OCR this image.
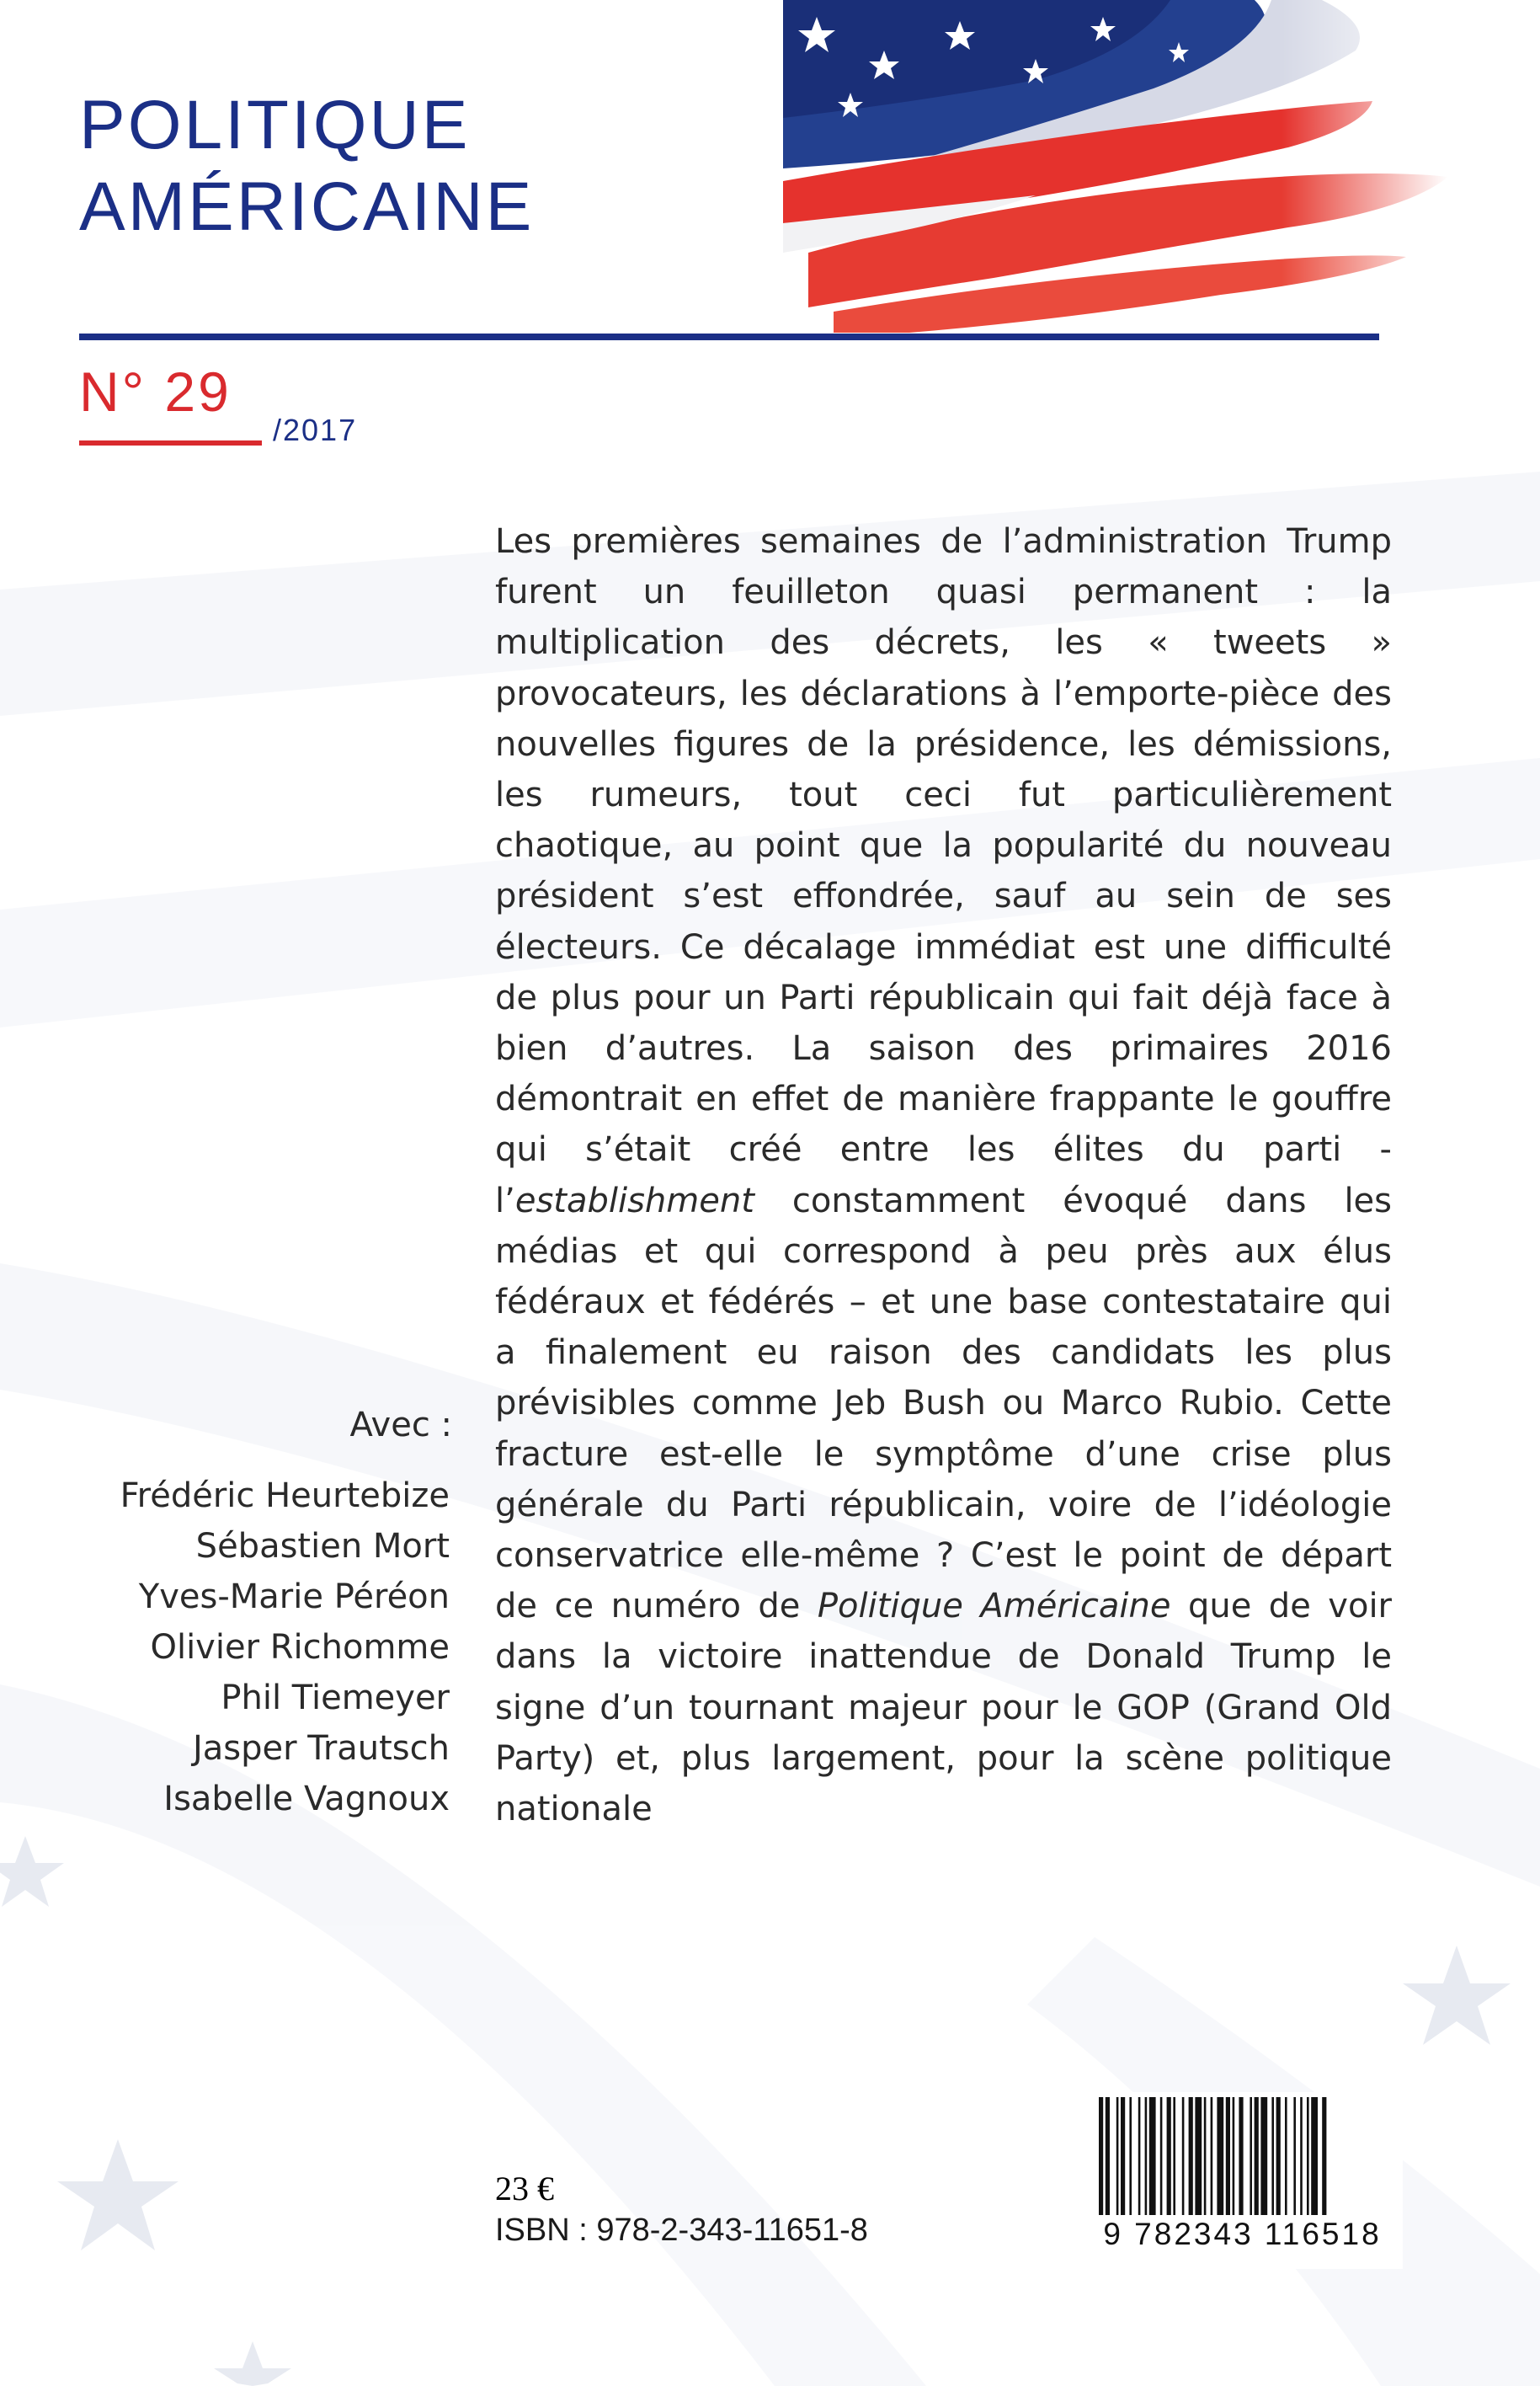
POLITIQUE
AMÉRICAINE
N° 29
/2017

Les premières semaines de l’administration Trump furent un feuilleton quasi permanent : la multiplication des décrets, les « tweets » provocateurs, les déclarations à l’emporte-pièce des nouvelles figures de la présidence, les démissions, les rumeurs, tout ceci fut particulièrement chaotique, au point que la popularité du nouveau président s’est effondrée, sauf au sein de ses électeurs. Ce décalage immédiat est une difficulté de plus pour un Parti républicain qui fait déjà face à bien d’autres. La saison des primaires 2016 démontrait en effet de manière frappante le gouffre qui s’était créé entre les élites du parti - l’establishment constamment évoqué dans les médias et qui correspond à peu près aux élus fédéraux et fédérés – et une base contestataire qui a finalement eu raison des candidats les plus prévisibles comme Jeb Bush ou Marco Rubio. Cette fracture est-elle le symptôme d’une crise plus générale du Parti républicain, voire de l’idéologie conservatrice elle-même ? C’est le point de départ de ce numéro de Politique Américaine que de voir dans la victoire inattendue de Donald Trump le signe d’un tournant majeur pour le GOP (Grand Old Party) et, plus largement, pour la scène politique nationale

Avec :
Frédéric Heurtebize
Sébastien Mort
Yves-Marie Péréon
Olivier Richomme
Phil Tiemeyer
Jasper Trautsch
Isabelle Vagnoux
23 €
ISBN : 978-2-343-11651-8	9 782343 116518
